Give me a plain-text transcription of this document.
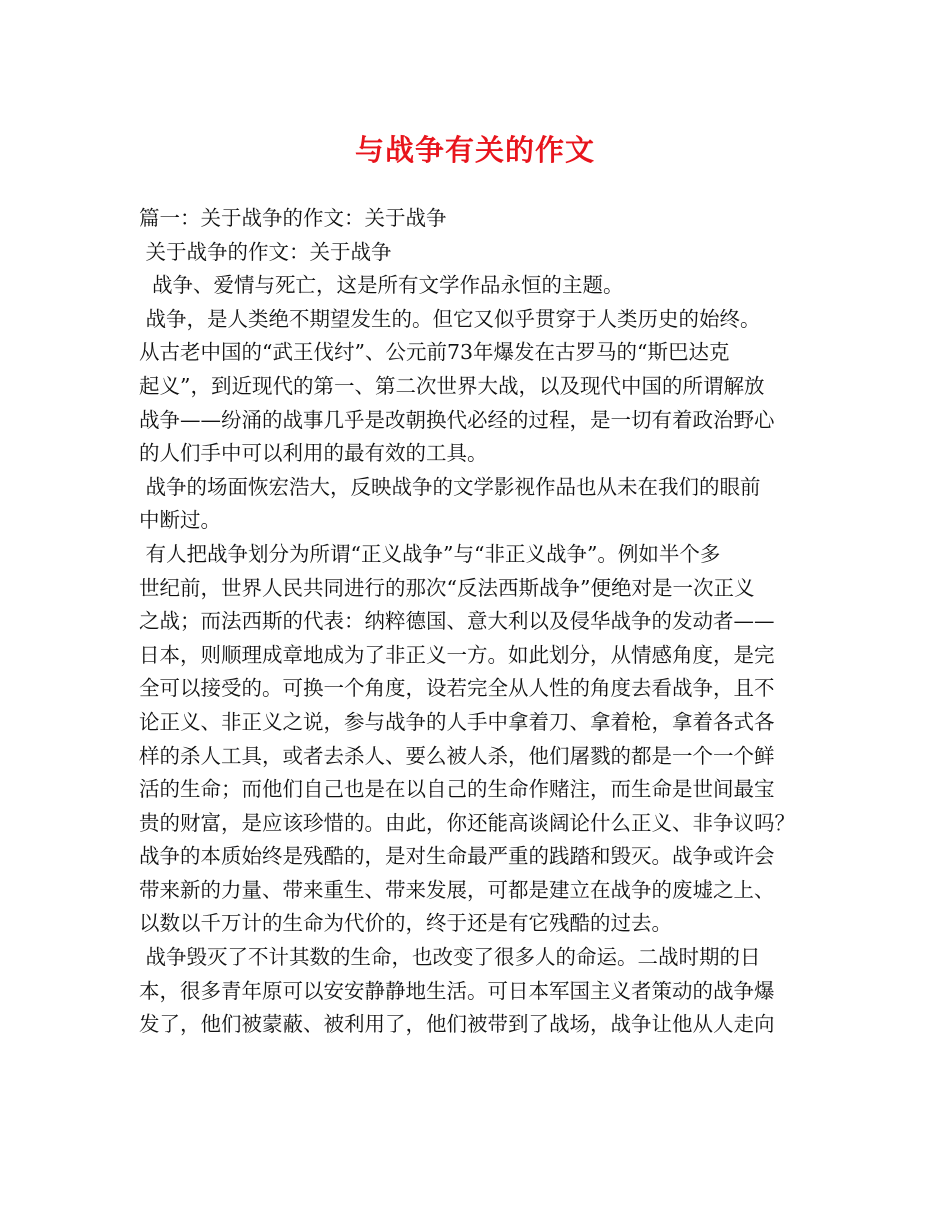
与战争有关的作文
篇一：关于战争的作文：关于战争
关于战争的作文：关于战争
战争、爱情与死亡，这是所有文学作品永恒的主题。
战争，是人类绝不期望发生的。但它又似乎贯穿于人类历史的始终。
从古老中国的“武王伐纣”、公元前73年爆发在古罗马的“斯巴达克
起义”，到近现代的第一、第二次世界大战，以及现代中国的所谓解放
战争——纷涌的战事几乎是改朝换代必经的过程，是一切有着政治野心
的人们手中可以利用的最有效的工具。
战争的场面恢宏浩大，反映战争的文学影视作品也从未在我们的眼前
中断过。
有人把战争划分为所谓“正义战争”与“非正义战争”。例如半个多
世纪前，世界人民共同进行的那次“反法西斯战争”便绝对是一次正义
之战；而法西斯的代表：纳粹德国、意大利以及侵华战争的发动者——
日本，则顺理成章地成为了非正义一方。如此划分，从情感角度，是完
全可以接受的。可换一个角度，设若完全从人性的角度去看战争，且不
论正义、非正义之说，参与战争的人手中拿着刀、拿着枪，拿着各式各
样的杀人工具，或者去杀人、要么被人杀，他们屠戮的都是一个一个鲜
活的生命；而他们自己也是在以自己的生命作赌注，而生命是世间最宝
贵的财富，是应该珍惜的。由此，你还能高谈阔论什么正义、非争议吗？
战争的本质始终是残酷的，是对生命最严重的践踏和毁灭。战争或许会
带来新的力量、带来重生、带来发展，可都是建立在战争的废墟之上、
以数以千万计的生命为代价的，终于还是有它残酷的过去。
战争毁灭了不计其数的生命，也改变了很多人的命运。二战时期的日
本，很多青年原可以安安静静地生活。可日本军国主义者策动的战争爆
发了，他们被蒙蔽、被利用了，他们被带到了战场，战争让他从人走向
